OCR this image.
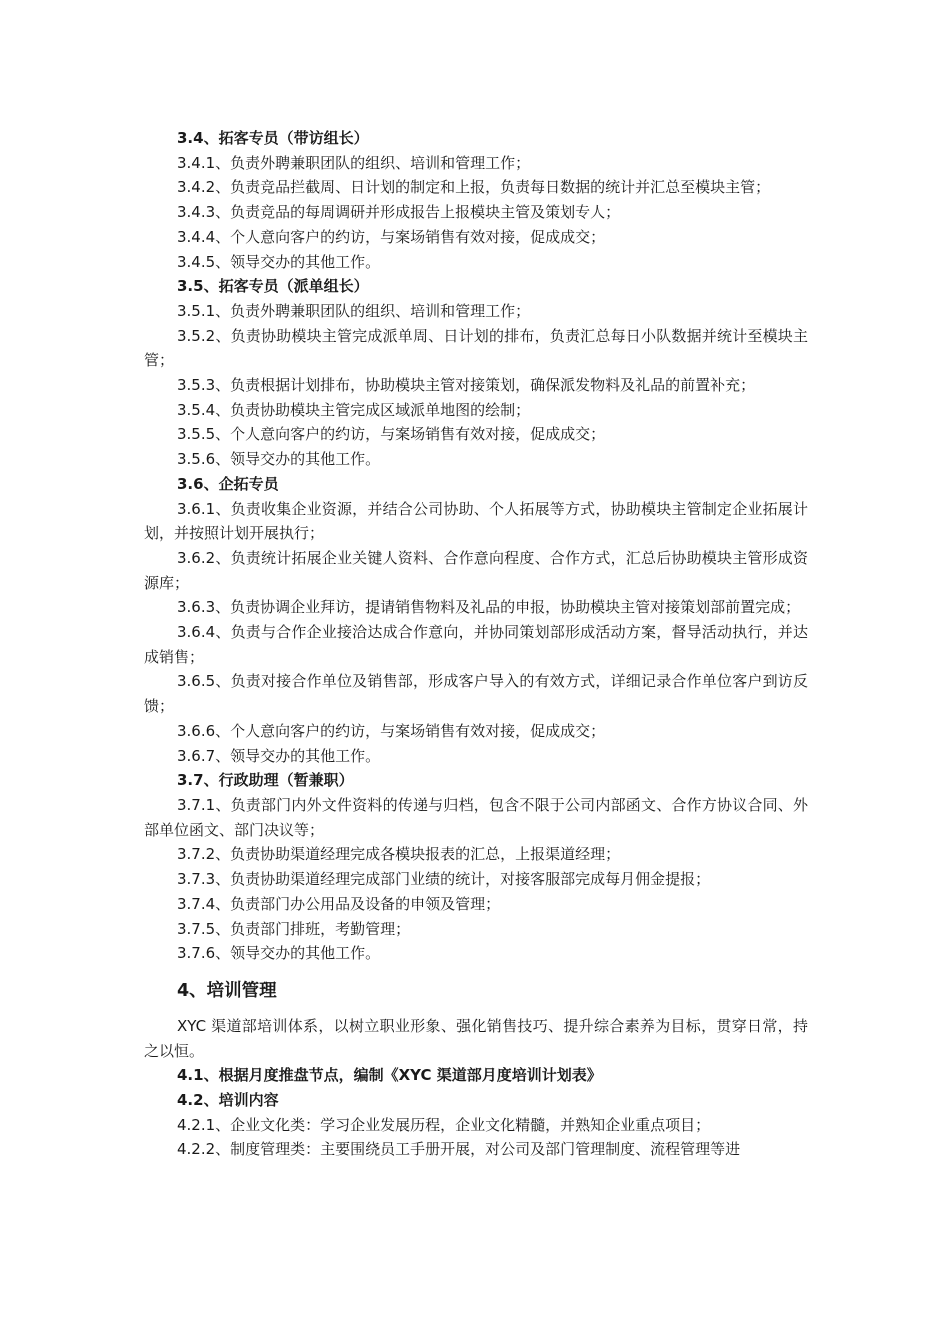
3.4、拓客专员（带访组长）

3.4.1、负责外聘兼职团队的组织、培训和管理工作；

3.4.2、负责竞品拦截周、日计划的制定和上报，负责每日数据的统计并汇总至模块主管；

3.4.3、负责竞品的每周调研并形成报告上报模块主管及策划专人；

3.4.4、个人意向客户的约访，与案场销售有效对接，促成成交；

3.4.5、领导交办的其他工作。

3.5、拓客专员（派单组长）

3.5.1、负责外聘兼职团队的组织、培训和管理工作；

3.5.2、负责协助模块主管完成派单周、日计划的排布，负责汇总每日小队数据并统计至模块主管；

3.5.3、负责根据计划排布，协助模块主管对接策划，确保派发物料及礼品的前置补充；

3.5.4、负责协助模块主管完成区域派单地图的绘制；

3.5.5、个人意向客户的约访，与案场销售有效对接，促成成交；

3.5.6、领导交办的其他工作。

3.6、企拓专员

3.6.1、负责收集企业资源，并结合公司协助、个人拓展等方式，协助模块主管制定企业拓展计划，并按照计划开展执行；

3.6.2、负责统计拓展企业关键人资料、合作意向程度、合作方式，汇总后协助模块主管形成资源库；

3.6.3、负责协调企业拜访，提请销售物料及礼品的申报，协助模块主管对接策划部前置完成；

3.6.4、负责与合作企业接洽达成合作意向，并协同策划部形成活动方案，督导活动执行，并达成销售；

3.6.5、负责对接合作单位及销售部，形成客户导入的有效方式，详细记录合作单位客户到访反馈；

3.6.6、个人意向客户的约访，与案场销售有效对接，促成成交；

3.6.7、领导交办的其他工作。

3.7、行政助理（暂兼职）

3.7.1、负责部门内外文件资料的传递与归档，包含不限于公司内部函文、合作方协议合同、外部单位函文、部门决议等；

3.7.2、负责协助渠道经理完成各模块报表的汇总，上报渠道经理；

3.7.3、负责协助渠道经理完成部门业绩的统计，对接客服部完成每月佣金提报；

3.7.4、负责部门办公用品及设备的申领及管理；

3.7.5、负责部门排班，考勤管理；

3.7.6、领导交办的其他工作。

4、培训管理

XYC 渠道部培训体系，以树立职业形象、强化销售技巧、提升综合素养为目标，贯穿日常，持之以恒。

4.1、根据月度推盘节点，编制《XYC 渠道部月度培训计划表》

4.2、培训内容

4.2.1、企业文化类：学习企业发展历程，企业文化精髓，并熟知企业重点项目；

4.2.2、制度管理类：主要围绕员工手册开展，对公司及部门管理制度、流程管理等进
